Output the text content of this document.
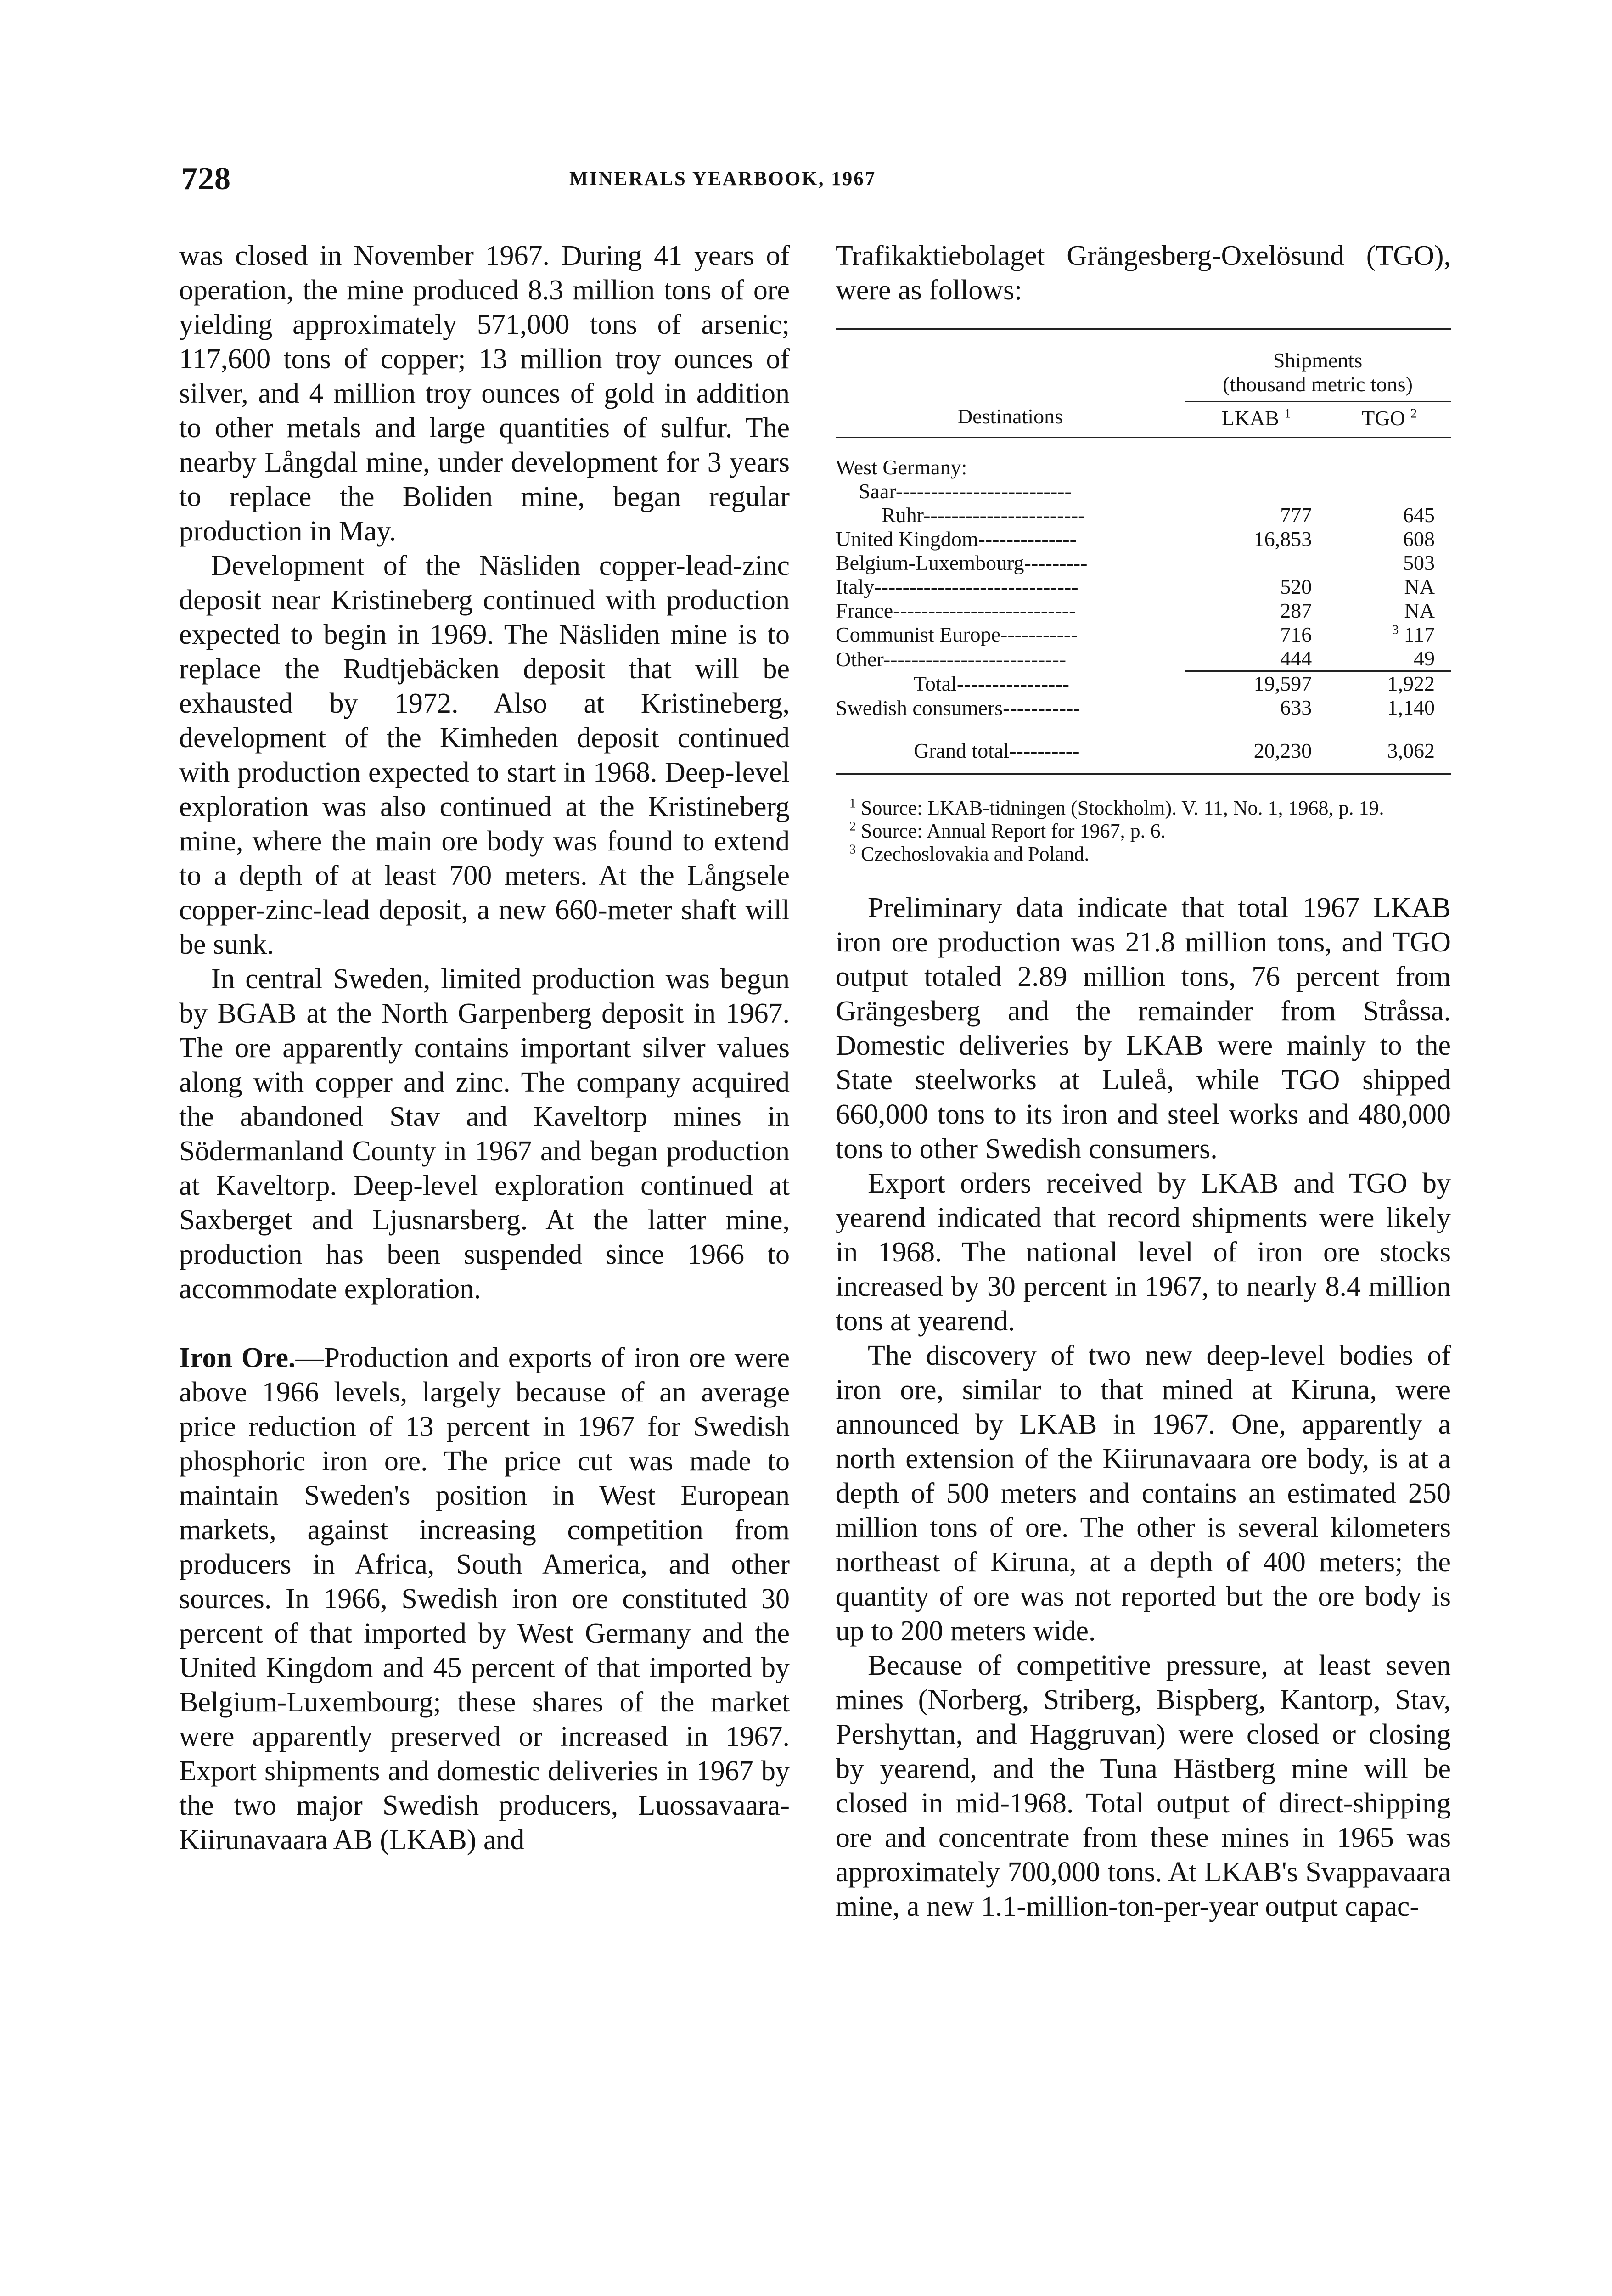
728	MINERALS YEARBOOK, 1967

was closed in November 1967. During 41 years of operation, the mine produced 8.3 million tons of ore yielding approximately 571,000 tons of arsenic; 117,600 tons of copper; 13 million troy ounces of silver, and 4 million troy ounces of gold in addition to other metals and large quantities of sulfur. The nearby Långdal mine, under development for 3 years to replace the Boliden mine, began regular production in May.

Development of the Näsliden copper-lead-zinc deposit near Kristineberg continued with production expected to begin in 1969. The Näsliden mine is to replace the Rudtjebäcken deposit that will be exhausted by 1972. Also at Kristineberg, development of the Kimheden deposit continued with production expected to start in 1968. Deep-level exploration was also continued at the Kristineberg mine, where the main ore body was found to extend to a depth of at least 700 meters. At the Långsele copper-zinc-lead deposit, a new 660-meter shaft will be sunk.

In central Sweden, limited production was begun by BGAB at the North Garpenberg deposit in 1967. The ore apparently contains important silver values along with copper and zinc. The company acquired the abandoned Stav and Kaveltorp mines in Södermanland County in 1967 and began production at Kaveltorp. Deep-level exploration continued at Saxberget and Ljusnarsberg. At the latter mine, production has been suspended since 1966 to accommodate exploration.

Iron Ore.—Production and exports of iron ore were above 1966 levels, largely because of an average price reduction of 13 percent in 1967 for Swedish phosphoric iron ore. The price cut was made to maintain Sweden's position in West European markets, against increasing competition from producers in Africa, South America, and other sources. In 1966, Swedish iron ore constituted 30 percent of that imported by West Germany and the United Kingdom and 45 percent of that imported by Belgium-Luxembourg; these shares of the market were apparently preserved or increased in 1967. Export shipments and domestic deliveries in 1967 by the two major Swedish producers, Luossavaara-Kiirunavaara AB (LKAB) and

Trafikaktiebolaget Grängesberg-Oxelösund (TGO), were as follows:

Destinations	Shipments
(thousand metric tons)	
	LKAB $^1$	TGO $^2$

West Germany:		
Saar-------------------------		
Ruhr-----------------------	777	645
United Kingdom--------------	16,853	608
Belgium-Luxembourg---------		503
Italy-----------------------------	520	NA
France--------------------------	287	NA
Communist Europe-----------	716	$^3$ 117
Other--------------------------	444	49
Total----------------	19,597	1,922
Swedish consumers-----------	633	1,140
Grand total----------	20,230	3,062
$^1$ Source: LKAB-tidningen (Stockholm). V. 11, No. 1, 1968, p. 19.
$^2$ Source: Annual Report for 1967, p. 6.
$^3$ Czechoslovakia and Poland.

Preliminary data indicate that total 1967 LKAB iron ore production was 21.8 million tons, and TGO output totaled 2.89 million tons, 76 percent from Grängesberg and the remainder from Stråssa. Domestic deliveries by LKAB were mainly to the State steelworks at Luleå, while TGO shipped 660,000 tons to its iron and steel works and 480,000 tons to other Swedish consumers.

Export orders received by LKAB and TGO by yearend indicated that record shipments were likely in 1968. The national level of iron ore stocks increased by 30 percent in 1967, to nearly 8.4 million tons at yearend.

The discovery of two new deep-level bodies of iron ore, similar to that mined at Kiruna, were announced by LKAB in 1967. One, apparently a north extension of the Kiirunavaara ore body, is at a depth of 500 meters and contains an estimated 250 million tons of ore. The other is several kilometers northeast of Kiruna, at a depth of 400 meters; the quantity of ore was not reported but the ore body is up to 200 meters wide.

Because of competitive pressure, at least seven mines (Norberg, Striberg, Bispberg, Kantorp, Stav, Pershyttan, and Haggruvan) were closed or closing by yearend, and the Tuna Hästberg mine will be closed in mid-1968. Total output of direct-shipping ore and concentrate from these mines in 1965 was approximately 700,000 tons. At LKAB's Svappavaara mine, a new 1.1-million-ton-per-year output capac-
